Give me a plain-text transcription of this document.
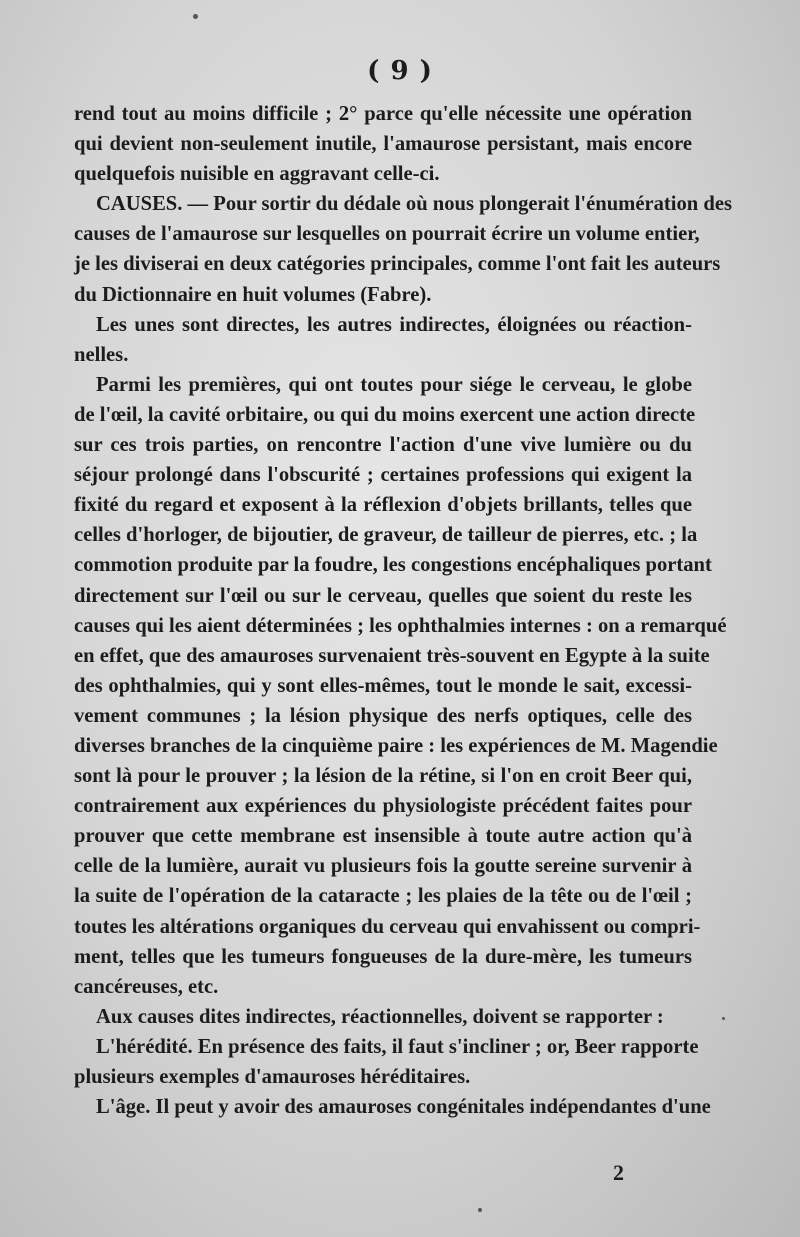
( 9 )
rend tout au moins difficile ; 2° parce qu'elle nécessite une opération
qui devient non-seulement inutile, l'amaurose persistant, mais encore
quelquefois nuisible en aggravant celle-ci.
CAUSES. — Pour sortir du dédale où nous plongerait l'énumération des
causes de l'amaurose sur lesquelles on pourrait écrire un volume entier,
je les diviserai en deux catégories principales, comme l'ont fait les auteurs
du Dictionnaire en huit volumes (Fabre).
Les unes sont directes, les autres indirectes, éloignées ou réaction-
nelles.
Parmi les premières, qui ont toutes pour siége le cerveau, le globe
de l'œil, la cavité orbitaire, ou qui du moins exercent une action directe
sur ces trois parties, on rencontre l'action d'une vive lumière ou du
séjour prolongé dans l'obscurité ; certaines professions qui exigent la
fixité du regard et exposent à la réflexion d'objets brillants, telles que
celles d'horloger, de bijoutier, de graveur, de tailleur de pierres, etc. ; la
commotion produite par la foudre, les congestions encéphaliques portant
directement sur l'œil ou sur le cerveau, quelles que soient du reste les
causes qui les aient déterminées ; les ophthalmies internes : on a remarqué
en effet, que des amauroses survenaient très-souvent en Egypte à la suite
des ophthalmies, qui y sont elles-mêmes, tout le monde le sait, excessi-
vement communes ; la lésion physique des nerfs optiques, celle des
diverses branches de la cinquième paire : les expériences de M. Magendie
sont là pour le prouver ; la lésion de la rétine, si l'on en croit Beer qui,
contrairement aux expériences du physiologiste précédent faites pour
prouver que cette membrane est insensible à toute autre action qu'à
celle de la lumière, aurait vu plusieurs fois la goutte sereine survenir à
la suite de l'opération de la cataracte ; les plaies de la tête ou de l'œil ;
toutes les altérations organiques du cerveau qui envahissent ou compri-
ment, telles que les tumeurs fongueuses de la dure-mère, les tumeurs
cancéreuses, etc.
Aux causes dites indirectes, réactionnelles, doivent se rapporter :
L'hérédité. En présence des faits, il faut s'incliner ; or, Beer rapporte
plusieurs exemples d'amauroses héréditaires.
L'âge. Il peut y avoir des amauroses congénitales indépendantes d'une
2
